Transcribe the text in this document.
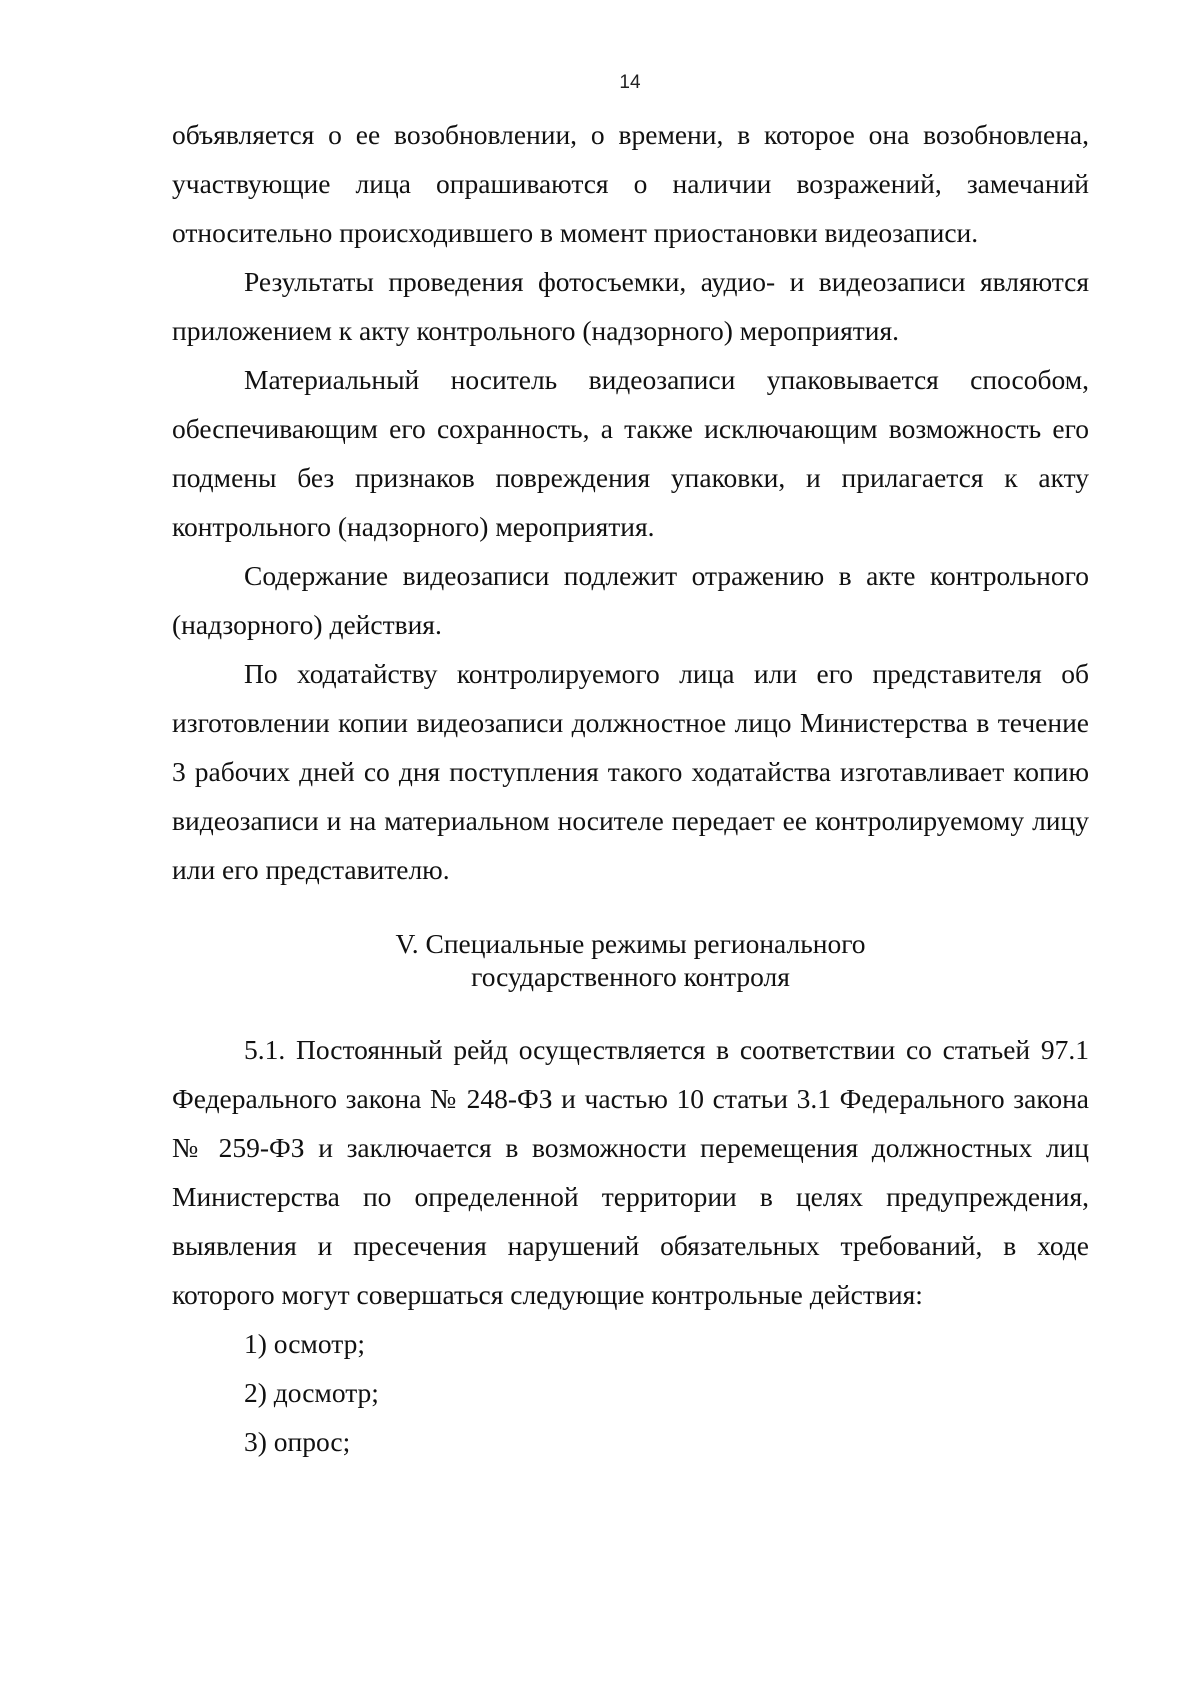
14

объявляется о ее возобновлении, о времени, в которое она возобновлена, участвующие лица опрашиваются о наличии возражений, замечаний относительно происходившего в момент приостановки видеозаписи.

Результаты проведения фотосъемки, аудио- и видеозаписи являются приложением к акту контрольного (надзорного) мероприятия.

Материальный носитель видеозаписи упаковывается способом, обеспечивающим его сохранность, а также исключающим возможность его подмены без признаков повреждения упаковки, и прилагается к акту контрольного (надзорного) мероприятия.

Содержание видеозаписи подлежит отражению в акте контрольного (надзорного) действия.

По ходатайству контролируемого лица или его представителя об изготовлении копии видеозаписи должностное лицо Министерства в течение 3 рабочих дней со дня поступления такого ходатайства изготавливает копию видеозаписи и на материальном носителе передает ее контролируемому лицу или его представителю.

V. Специальные режимы регионального
государственного контроля

5.1. Постоянный рейд осуществляется в соответствии со статьей 97.1 Федерального закона № 248-ФЗ и частью 10 статьи 3.1 Федерального закона № 259-ФЗ и заключается в возможности перемещения должностных лиц Министерства по определенной территории в целях предупреждения, выявления и пресечения нарушений обязательных требований, в ходе которого могут совершаться следующие контрольные действия:

1) осмотр;

2) досмотр;

3) опрос;
